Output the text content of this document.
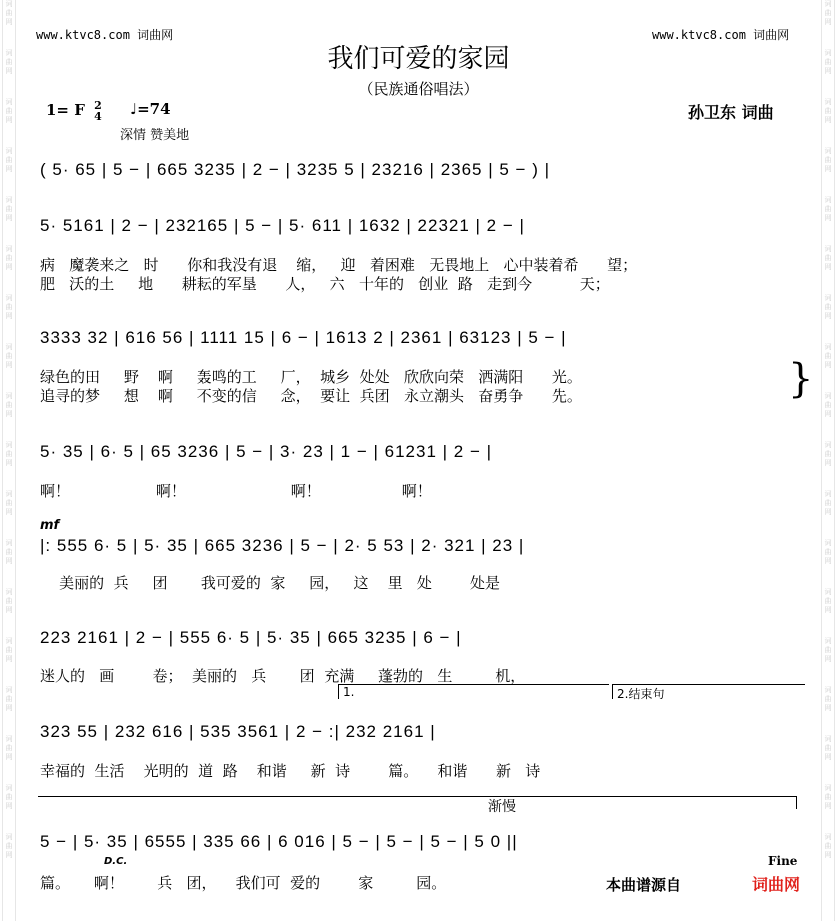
词曲网
词曲网
词曲网
词曲网
词曲网
词曲网
词曲网
词曲网
词曲网
词曲网
词曲网
词曲网
词曲网
词曲网
词曲网
词曲网
词曲网
词曲网
词曲网
词曲网
词曲网
词曲网
词曲网
词曲网
词曲网
词曲网
词曲网
词曲网
词曲网
词曲网
词曲网
词曲网
词曲网
词曲网
词曲网
词曲网
www.ktvc8.com 词曲网	www.ktvc8.com 词曲网
我们可爱的家园
（民族通俗唱法）
1= F 2
4 ♩=74
深情 赞美地
孙卫东 词曲
( 5· 65 | 5 − | 665 3235 | 2 − | 3235 5 | 23216 | 2365 | 5 − ) |
5· 5161 | 2 − | 232165 | 5 − | 5· 611 | 1632 | 22321 | 2 − |
病   魔袭来之   时      你和我没有退    缩，   迎   着困难   无畏地上   心中装着希      望；
肥   沃的土     地      耕耘的军垦      人，   六   十年的   创业  路   走到今          天；
3333 32 | 616 56 | 1111 15 | 6 − | 1613 2 | 2361 | 63123 | 5 − |
绿色的田     野    啊     轰鸣的工     厂，  城乡  处处   欣欣向荣   洒满阳      光。
追寻的梦     想    啊     不变的信     念，  要让  兵团   永立潮头   奋勇争      先。	}
5· 35 | 6· 5 | 65 3236 | 5 − | 3· 23 | 1 − | 61231 | 2 − |
啊！                  啊！                      啊！                 啊！
mf
|: 555 6· 5 | 5· 35 | 665 3236 | 5 − | 2· 5 53 | 2· 321 | 23 |
美丽的  兵     团       我可爱的  家     园，   这    里   处        处是
223 2161 | 2 − | 555 6· 5 | 5· 35 | 665 3235 | 6 − |
迷人的   画        卷；  美丽的   兵       团  充满     蓬勃的   生         机，
1.	2.结束句
323 55 | 232 616 | 535 3561 | 2 − :| 232 2161 |
幸福的  生活    光明的  道  路    和谐     新  诗        篇。    和谐      新   诗
渐慢
5 − | 5· 35 | 6555 | 335 66 | 6 016 | 5 − | 5 − | 5 − | 5 0 ||
D.C.	Fine
篇。     啊！       兵   团，    我们可  爱的        家         园。	本曲谱源自	词曲网
